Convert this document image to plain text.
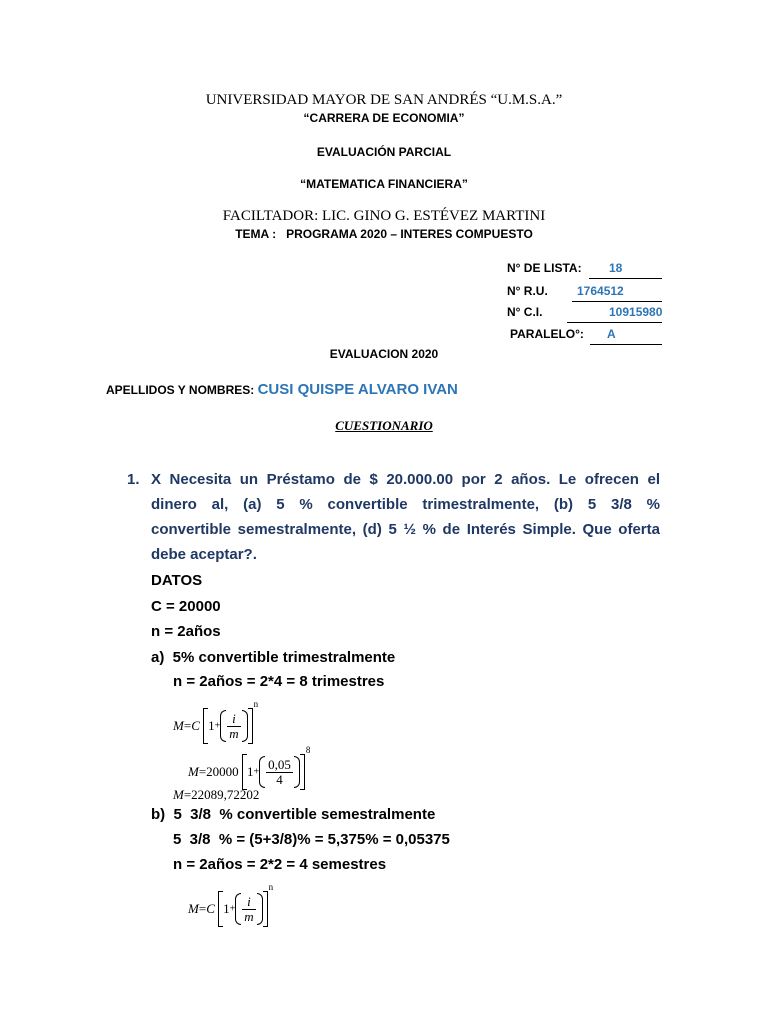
UNIVERSIDAD MAYOR DE SAN ANDRÉS “U.M.S.A.”
“CARRERA DE ECONOMIA”
EVALUACIÓN PARCIAL
“MATEMATICA FINANCIERA”
FACILTADOR: LIC. GINO G. ESTÉVEZ MARTINI
TEMA :   PROGRAMA 2020 – INTERES COMPUESTO
N° DE LISTA: 18
N° R.U. 1764512
N° C.I.	10915980
PARALELO°: A
EVALUACION 2020
APELLIDOS Y NOMBRES: CUSI QUISPE ALVARO IVAN
CUESTIONARIO
1. X Necesita un Préstamo de $ 20.000.00 por 2 años. Le ofrecen el
dinero al, (a) 5 % convertible trimestralmente, (b) 5 3/8 %
convertible semestralmente, (d) 5 ½ % de Interés Simple. Que oferta
debe aceptar?.
DATOS
C = 20000
n = 2años
a)  5% convertible trimestralmente
n = 2años = 2*4 = 8 trimestres
M=C $1+ \frac{i}{m}$
$^n$
M=20000 $1+ \frac{0,05}{4}$
$^8$
M=22089,72202
b)  5  3/8  % convertible semestralmente
5  3/8  % = (5+3/8)% = 5,375% = 0,05375
n = 2años = 2*2 = 4 semestres
M=C $1+ \frac{i}{m}$
$^n$
